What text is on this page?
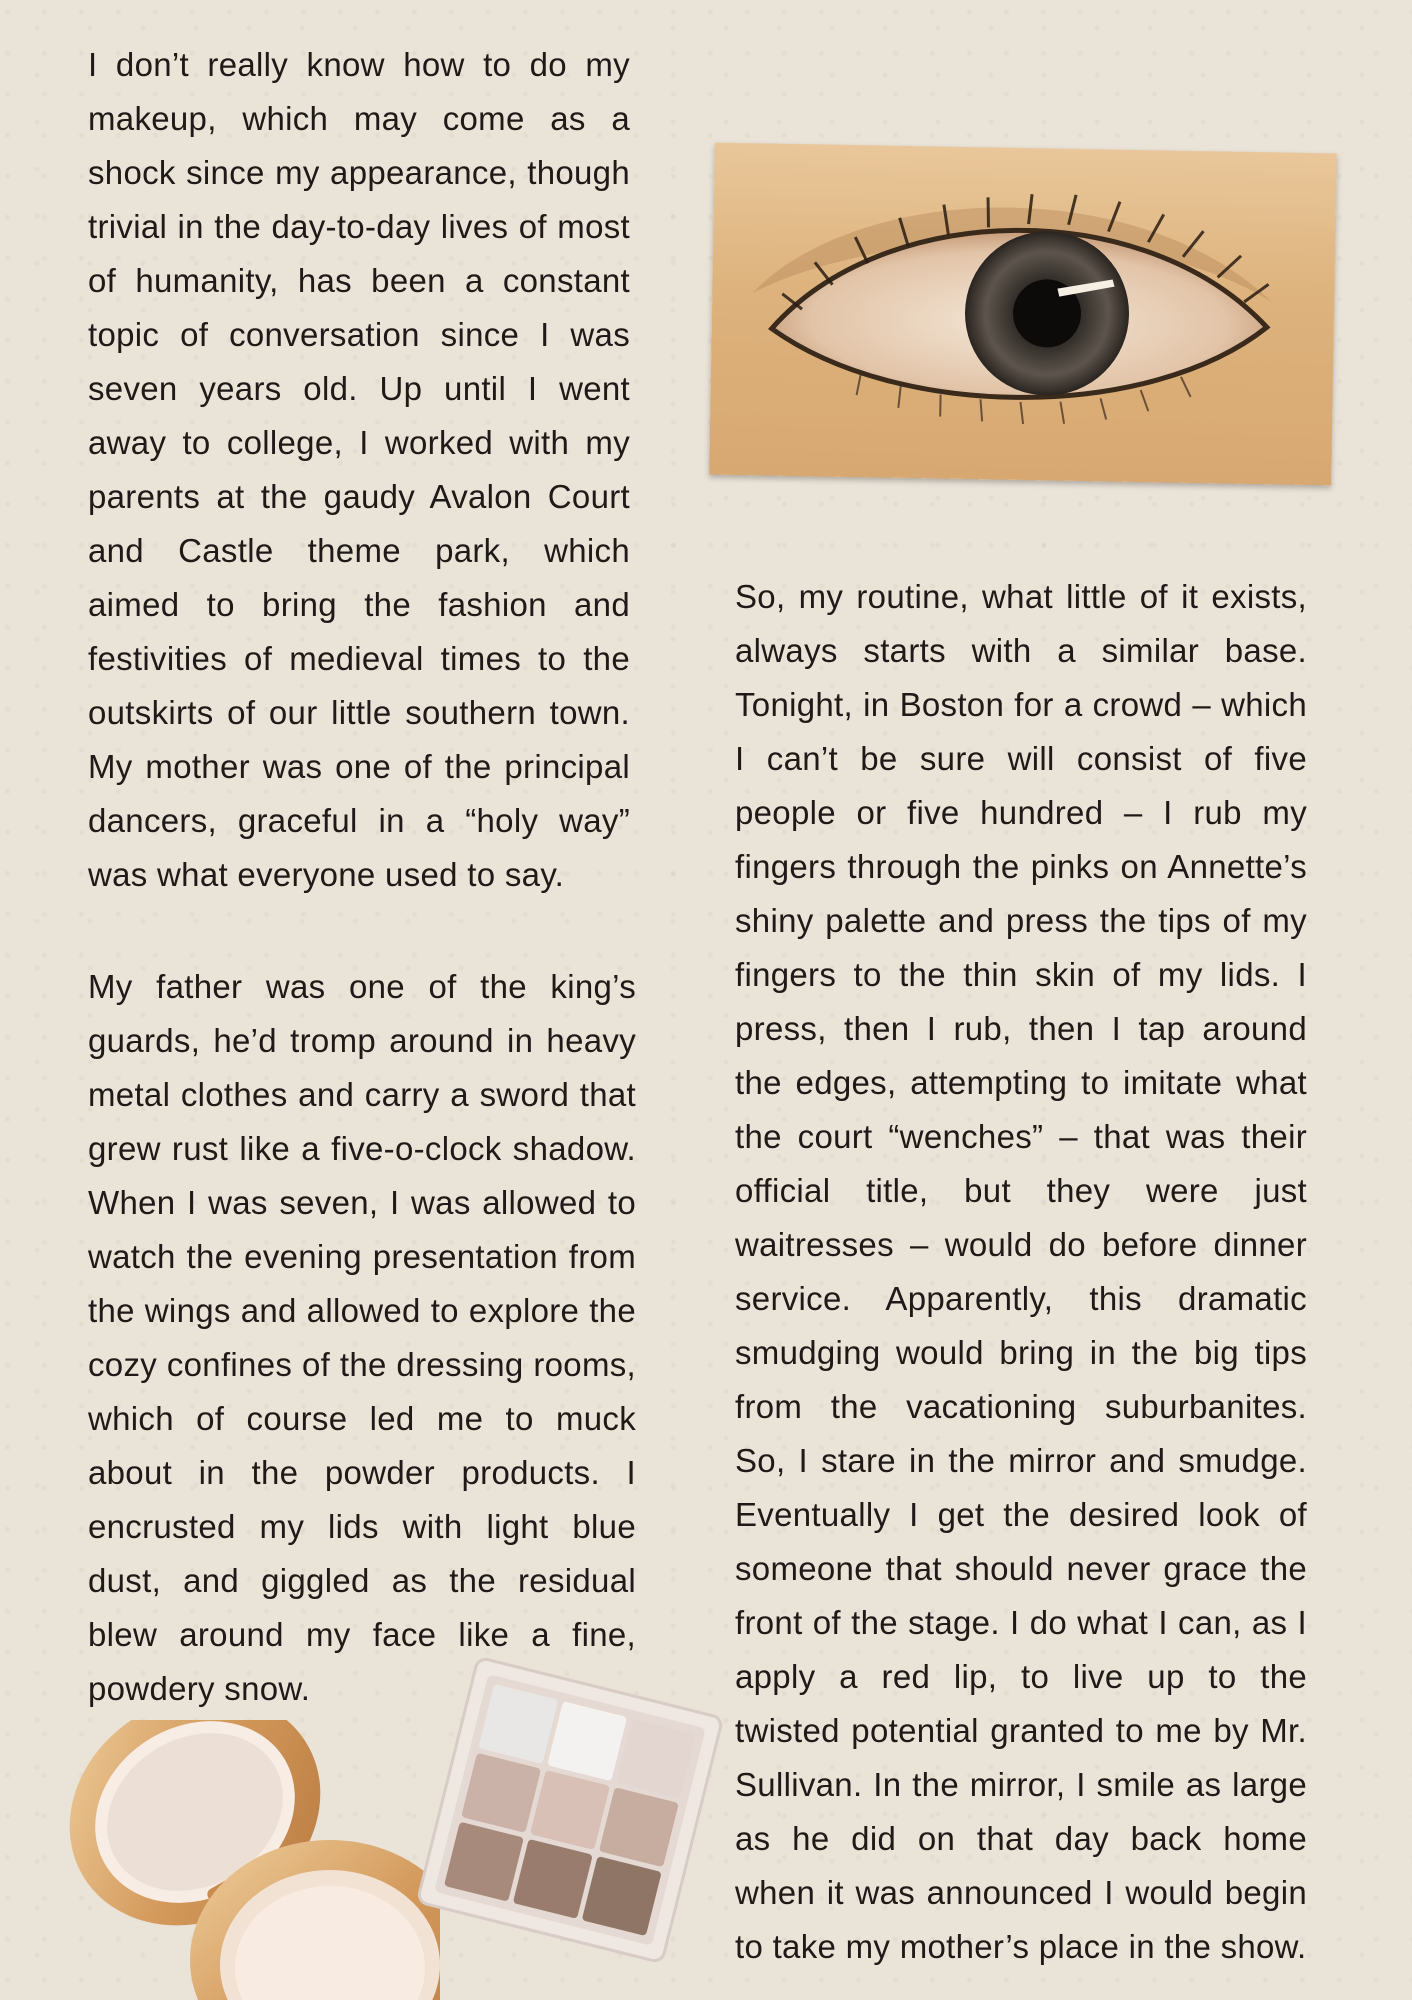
I don’t really know how to do my makeup, which may come as a shock since my appearance, though trivial in the day-to-day lives of most of humanity, has been a constant topic of conversation since I was seven years old. Up until I went away to college, I worked with my parents at the gaudy Avalon Court and Castle theme park, which aimed to bring the fashion and festivities of medieval times to the outskirts of our little southern town. My mother was one of the principal dancers, graceful in a “holy way” was what everyone used to say.

My father was one of the king’s guards, he’d tromp around in heavy metal clothes and carry a sword that grew rust like a five-o-clock shadow. When I was seven, I was allowed to watch the evening presentation from the wings and allowed to explore the cozy confines of the dressing rooms, which of course led me to muck about in the powder products. I encrusted my lids with light blue dust, and giggled as the residual blew around my face like a fine, powdery snow.

So, my routine, what little of it exists, always starts with a similar base. Tonight, in Boston for a crowd – which I can’t be sure will consist of five people or five hundred – I rub my fingers through the pinks on Annette’s shiny palette and press the tips of my fingers to the thin skin of my lids. I press, then I rub, then I tap around the edges, attempting to imitate what the court “wenches” – that was their official title, but they were just waitresses – would do before dinner service. Apparently, this dramatic smudging would bring in the big tips from the vacationing suburbanites. So, I stare in the mirror and smudge. Eventually I get the desired look of someone that should never grace the front of the stage. I do what I can, as I apply a red lip, to live up to the twisted potential granted to me by Mr. Sullivan. In the mirror, I smile as large as he did on that day back home when it was announced I would begin to take my mother’s place in the show.
